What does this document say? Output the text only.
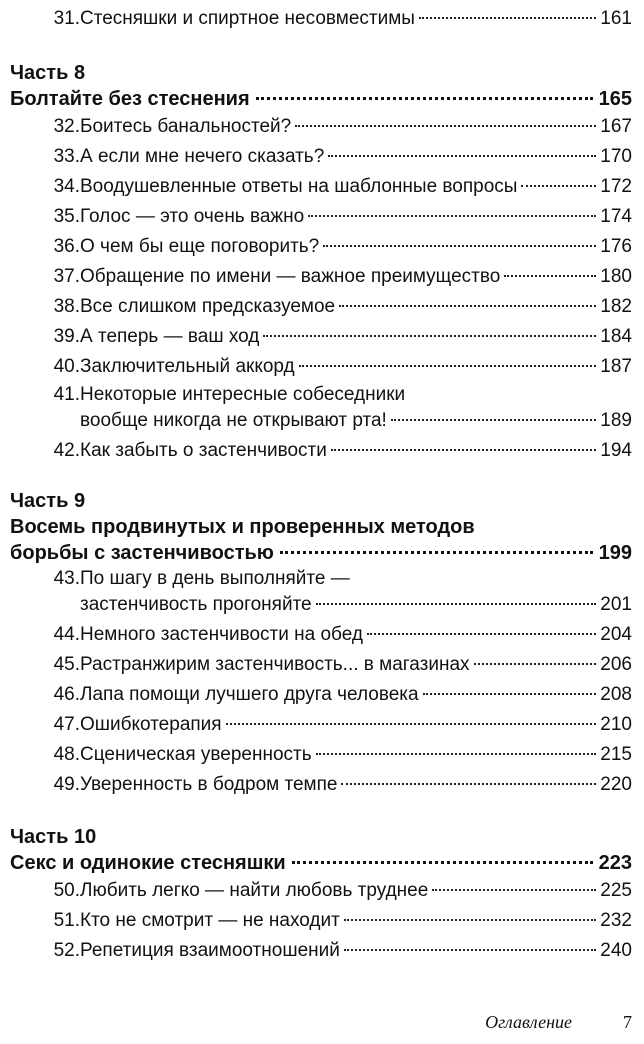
31. Стесняшки и спиртное несовместимы	161
Часть 8
Болтайте без стеснения	165
32. Боитесь банальностей?	167
33. А если мне нечего сказать?	170
34. Воодушевленные ответы на шаблонные вопросы	172
35. Голос — это очень важно	174
36. О чем бы еще поговорить?	176
37. Обращение по имени — важное преимущество	180
38. Все слишком предсказуемое	182
39. А теперь — ваш ход	184
40. Заключительный аккорд	187
41. Некоторые интересные собеседники
вообще никогда не открывают рта!	189
42. Как забыть о застенчивости	194
Часть 9
Восемь продвинутых и проверенных методов
борьбы с застенчивостью	199
43. По шагу в день выполняйте —
застенчивость прогоняйте	201
44. Немного застенчивости на обед	204
45. Растранжирим застенчивость... в магазинах	206
46. Лапа помощи лучшего друга человека	208
47. Ошибкотерапия	210
48. Сценическая уверенность	215
49. Уверенность в бодром темпе	220
Часть 10
Секс и одинокие стесняшки	223
50. Любить легко — найти любовь труднее	225
51. Кто не смотрит — не находит	232
52. Репетиция взаимоотношений	240
Оглавление	7
